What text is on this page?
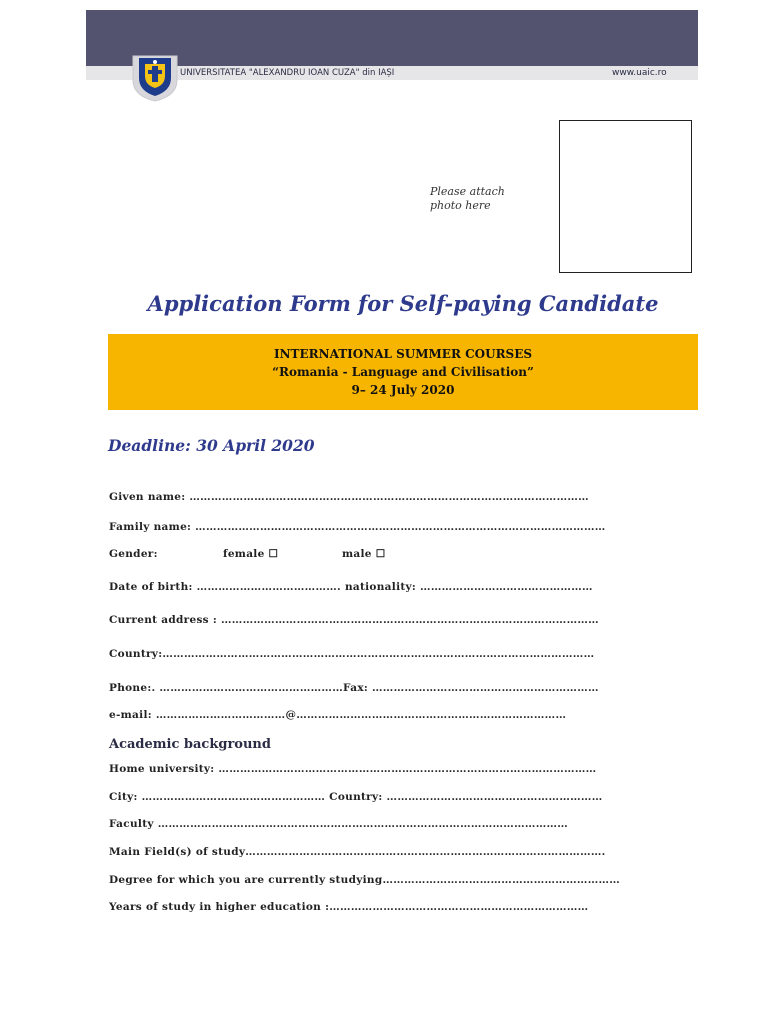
UNIVERSITATEA "ALEXANDRU IOAN CUZA" din IAȘI	www.uaic.ro
Please attach photo here
Application Form for Self-paying Candidate
INTERNATIONAL SUMMER COURSES
“Romania - Language and Civilisation”
9– 24 July 2020
Deadline: 30 April 2020
Given name: …………………………………………………………………………………………………
Family name: ……………………………………………………………………………………………………
Gender:	female ☐	male ☐
Date of birth: …………………………………. nationality: …………………………………………
Current address : ……………………………………………………………………………………………
Country:…………………………………………………………………………………………………………
Phone:. ……………………………………………Fax: ………………………………………………………
e-mail: ………………………………@…………………………………………………………………
Academic background
Home university: ……………………………………………………………………………………………
City: …………………………………………… Country: ……………………………………………………
Faculty ……………………………………………………………………………………………………
Main Field(s) of study……………………………………………………………………………………….
Degree for which you are currently studying…………………………………………………………
Years of study in higher education :………………………………………………………………
